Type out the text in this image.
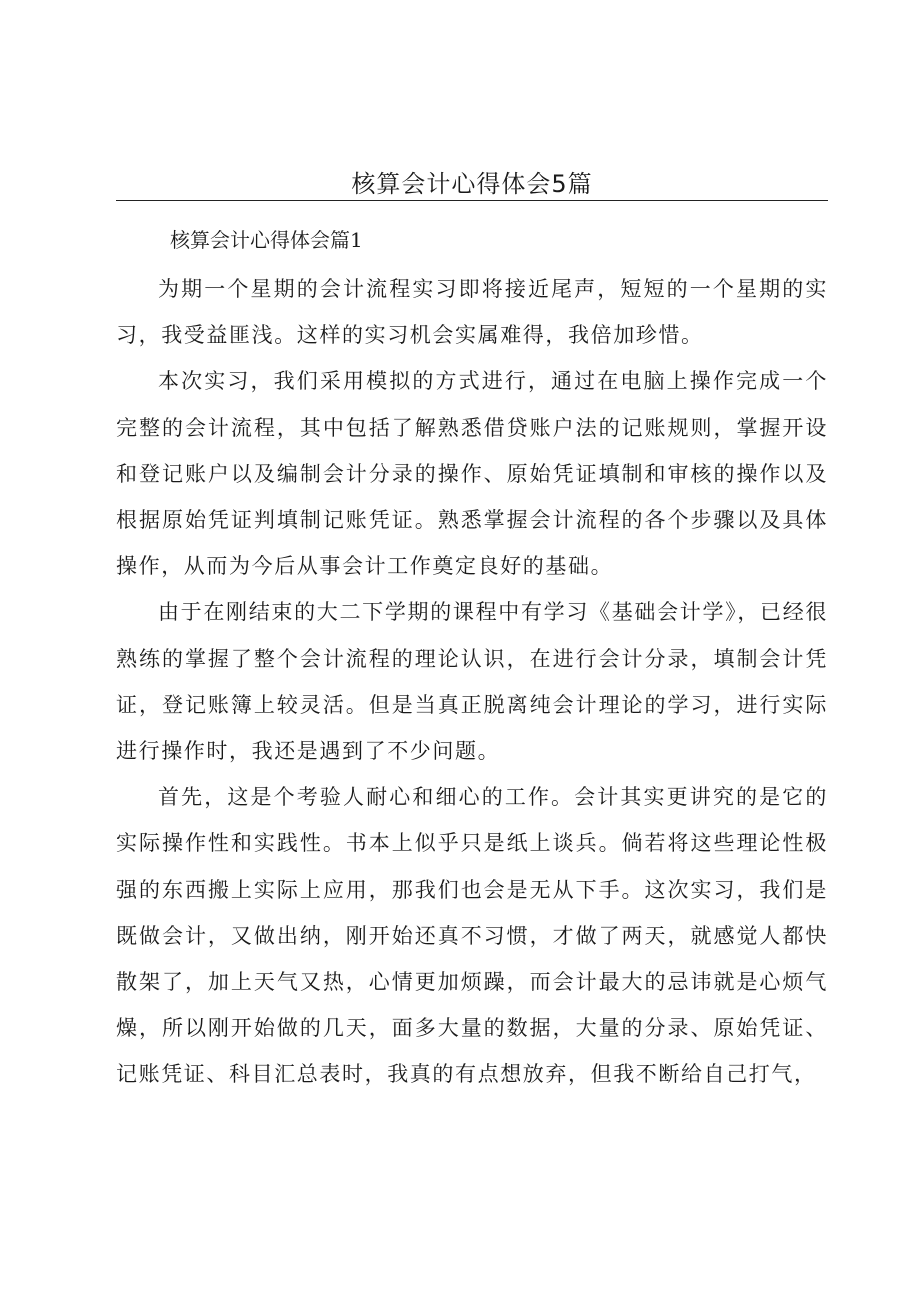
核算会计心得体会5篇
核算会计心得体会篇1

为期一个星期的会计流程实习即将接近尾声，短短的一个星期的实习，我受益匪浅。这样的实习机会实属难得，我倍加珍惜。

本次实习，我们采用模拟的方式进行，通过在电脑上操作完成一个完整的会计流程，其中包括了解熟悉借贷账户法的记账规则，掌握开设和登记账户以及编制会计分录的操作、原始凭证填制和审核的操作以及根据原始凭证判填制记账凭证。熟悉掌握会计流程的各个步骤以及具体操作，从而为今后从事会计工作奠定良好的基础。

由于在刚结束的大二下学期的课程中有学习《基础会计学》，已经很熟练的掌握了整个会计流程的理论认识，在进行会计分录，填制会计凭证，登记账簿上较灵活。但是当真正脱离纯会计理论的学习，进行实际进行操作时，我还是遇到了不少问题。

首先，这是个考验人耐心和细心的工作。会计其实更讲究的是它的实际操作性和实践性。书本上似乎只是纸上谈兵。倘若将这些理论性极强的东西搬上实际上应用，那我们也会是无从下手。这次实习，我们是既做会计，又做出纳，刚开始还真不习惯，才做了两天，就感觉人都快散架了，加上天气又热，心情更加烦躁，而会计最大的忌讳就是心烦气燥，所以刚开始做的几天，面多大量的数据，大量的分录、原始凭证、记账凭证、科目汇总表时，我真的有点想放弃，但我不断给自己打气，
